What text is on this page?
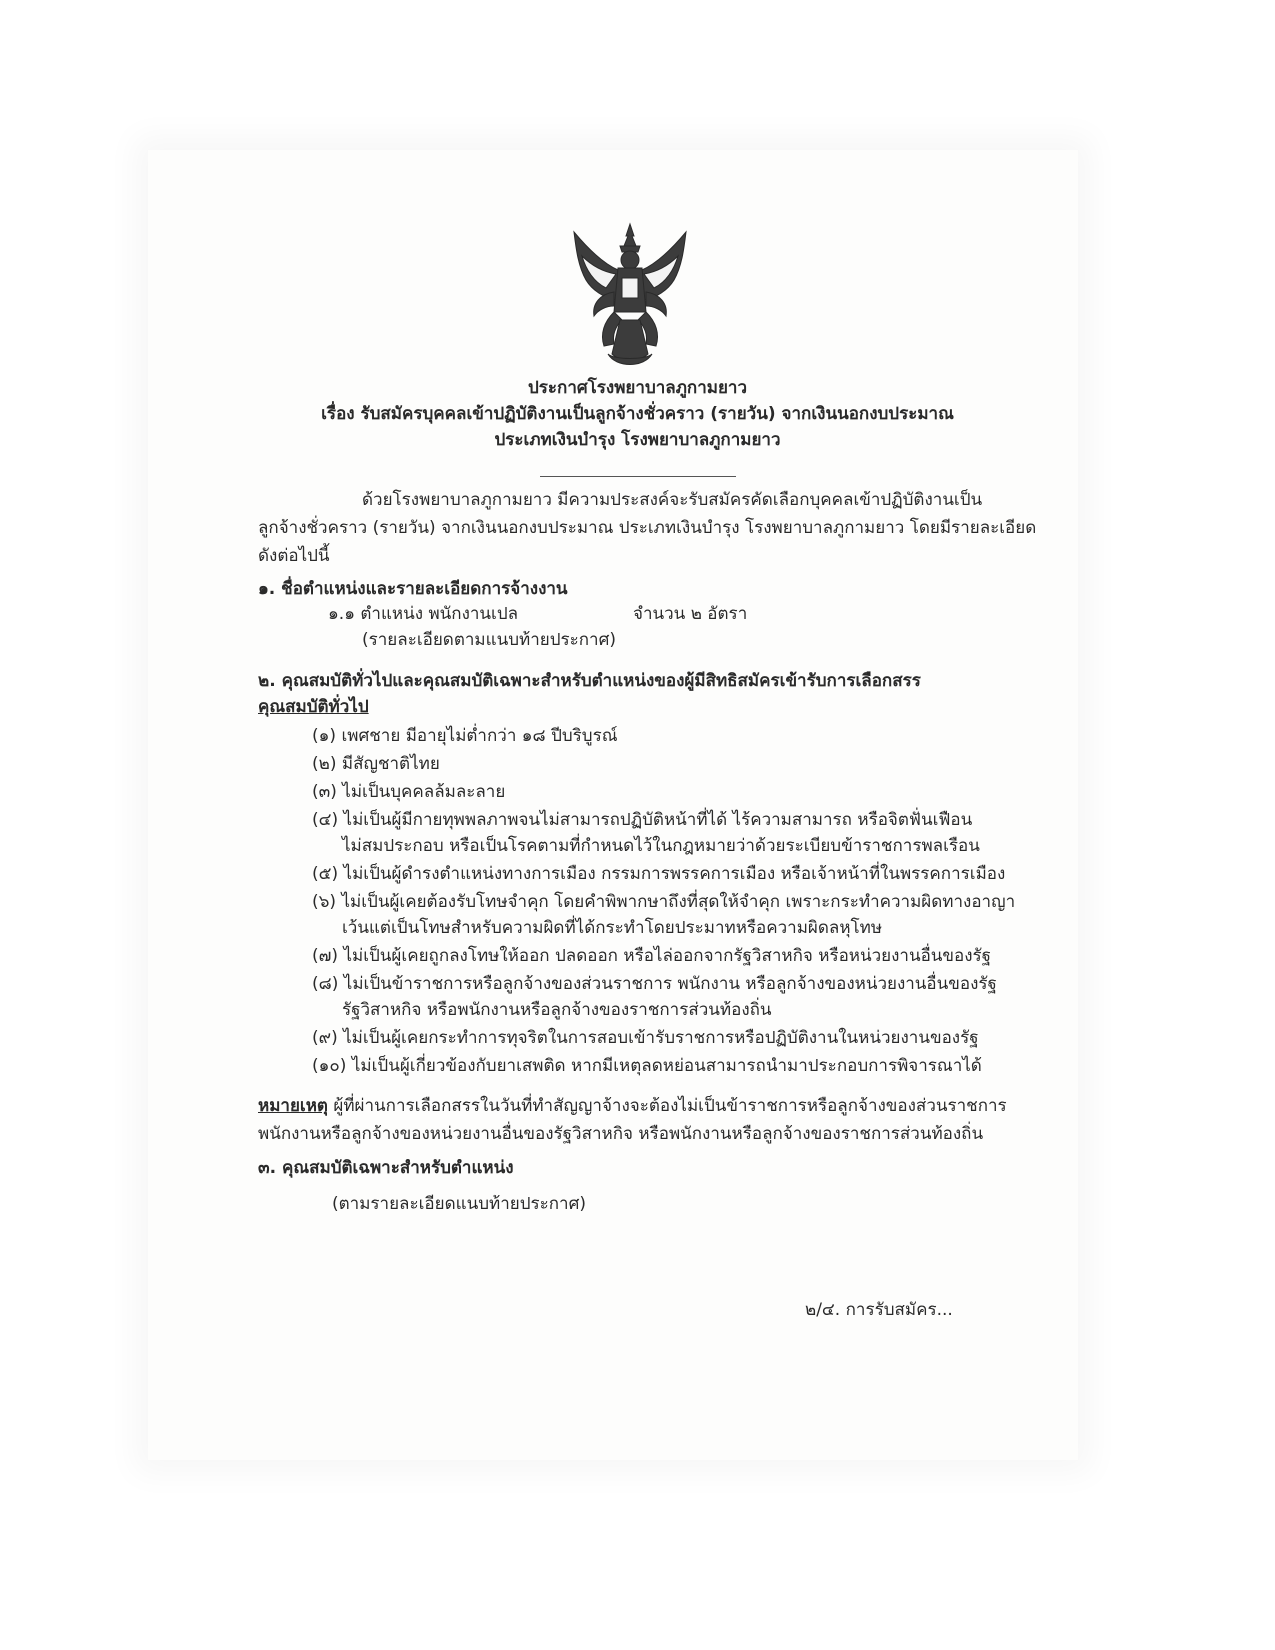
ประกาศโรงพยาบาลภูกามยาว

เรื่อง รับสมัครบุคคลเข้าปฏิบัติงานเป็นลูกจ้างชั่วคราว (รายวัน) จากเงินนอกงบประมาณ

ประเภทเงินบำรุง โรงพยาบาลภูกามยาว

ด้วยโรงพยาบาลภูกามยาว มีความประสงค์จะรับสมัครคัดเลือกบุคคลเข้าปฏิบัติงานเป็น

ลูกจ้างชั่วคราว (รายวัน) จากเงินนอกงบประมาณ ประเภทเงินบำรุง โรงพยาบาลภูกามยาว โดยมีรายละเอียด

ดังต่อไปนี้

๑. ชื่อตำแหน่งและรายละเอียดการจ้างงาน

๑.๑ ตำแหน่ง พนักงานเปล	จำนวน ๒ อัตรา

(รายละเอียดตามแนบท้ายประกาศ)

๒. คุณสมบัติทั่วไปและคุณสมบัติเฉพาะสำหรับตำแหน่งของผู้มีสิทธิสมัครเข้ารับการเลือกสรร

คุณสมบัติทั่วไป

(๑) เพศชาย มีอายุไม่ต่ำกว่า ๑๘ ปีบริบูรณ์

(๒) มีสัญชาติไทย

(๓) ไม่เป็นบุคคลล้มละลาย

(๔) ไม่เป็นผู้มีกายทุพพลภาพจนไม่สามารถปฏิบัติหน้าที่ได้ ไร้ความสามารถ หรือจิตฟั่นเฟือน

ไม่สมประกอบ หรือเป็นโรคตามที่กำหนดไว้ในกฎหมายว่าด้วยระเบียบข้าราชการพลเรือน

(๕) ไม่เป็นผู้ดำรงตำแหน่งทางการเมือง กรรมการพรรคการเมือง หรือเจ้าหน้าที่ในพรรคการเมือง

(๖) ไม่เป็นผู้เคยต้องรับโทษจำคุก โดยคำพิพากษาถึงที่สุดให้จำคุก เพราะกระทำความผิดทางอาญา

เว้นแต่เป็นโทษสำหรับความผิดที่ได้กระทำโดยประมาทหรือความผิดลหุโทษ

(๗) ไม่เป็นผู้เคยถูกลงโทษให้ออก ปลดออก หรือไล่ออกจากรัฐวิสาหกิจ หรือหน่วยงานอื่นของรัฐ

(๘) ไม่เป็นข้าราชการหรือลูกจ้างของส่วนราชการ พนักงาน หรือลูกจ้างของหน่วยงานอื่นของรัฐ

รัฐวิสาหกิจ หรือพนักงานหรือลูกจ้างของราชการส่วนท้องถิ่น

(๙) ไม่เป็นผู้เคยกระทำการทุจริตในการสอบเข้ารับราชการหรือปฏิบัติงานในหน่วยงานของรัฐ

(๑๐) ไม่เป็นผู้เกี่ยวข้องกับยาเสพติด หากมีเหตุลดหย่อนสามารถนำมาประกอบการพิจารณาได้

หมายเหตุ ผู้ที่ผ่านการเลือกสรรในวันที่ทำสัญญาจ้างจะต้องไม่เป็นข้าราชการหรือลูกจ้างของส่วนราชการ

พนักงานหรือลูกจ้างของหน่วยงานอื่นของรัฐวิสาหกิจ หรือพนักงานหรือลูกจ้างของราชการส่วนท้องถิ่น

๓. คุณสมบัติเฉพาะสำหรับตำแหน่ง

(ตามรายละเอียดแนบท้ายประกาศ)

๒/๔. การรับสมัคร...
